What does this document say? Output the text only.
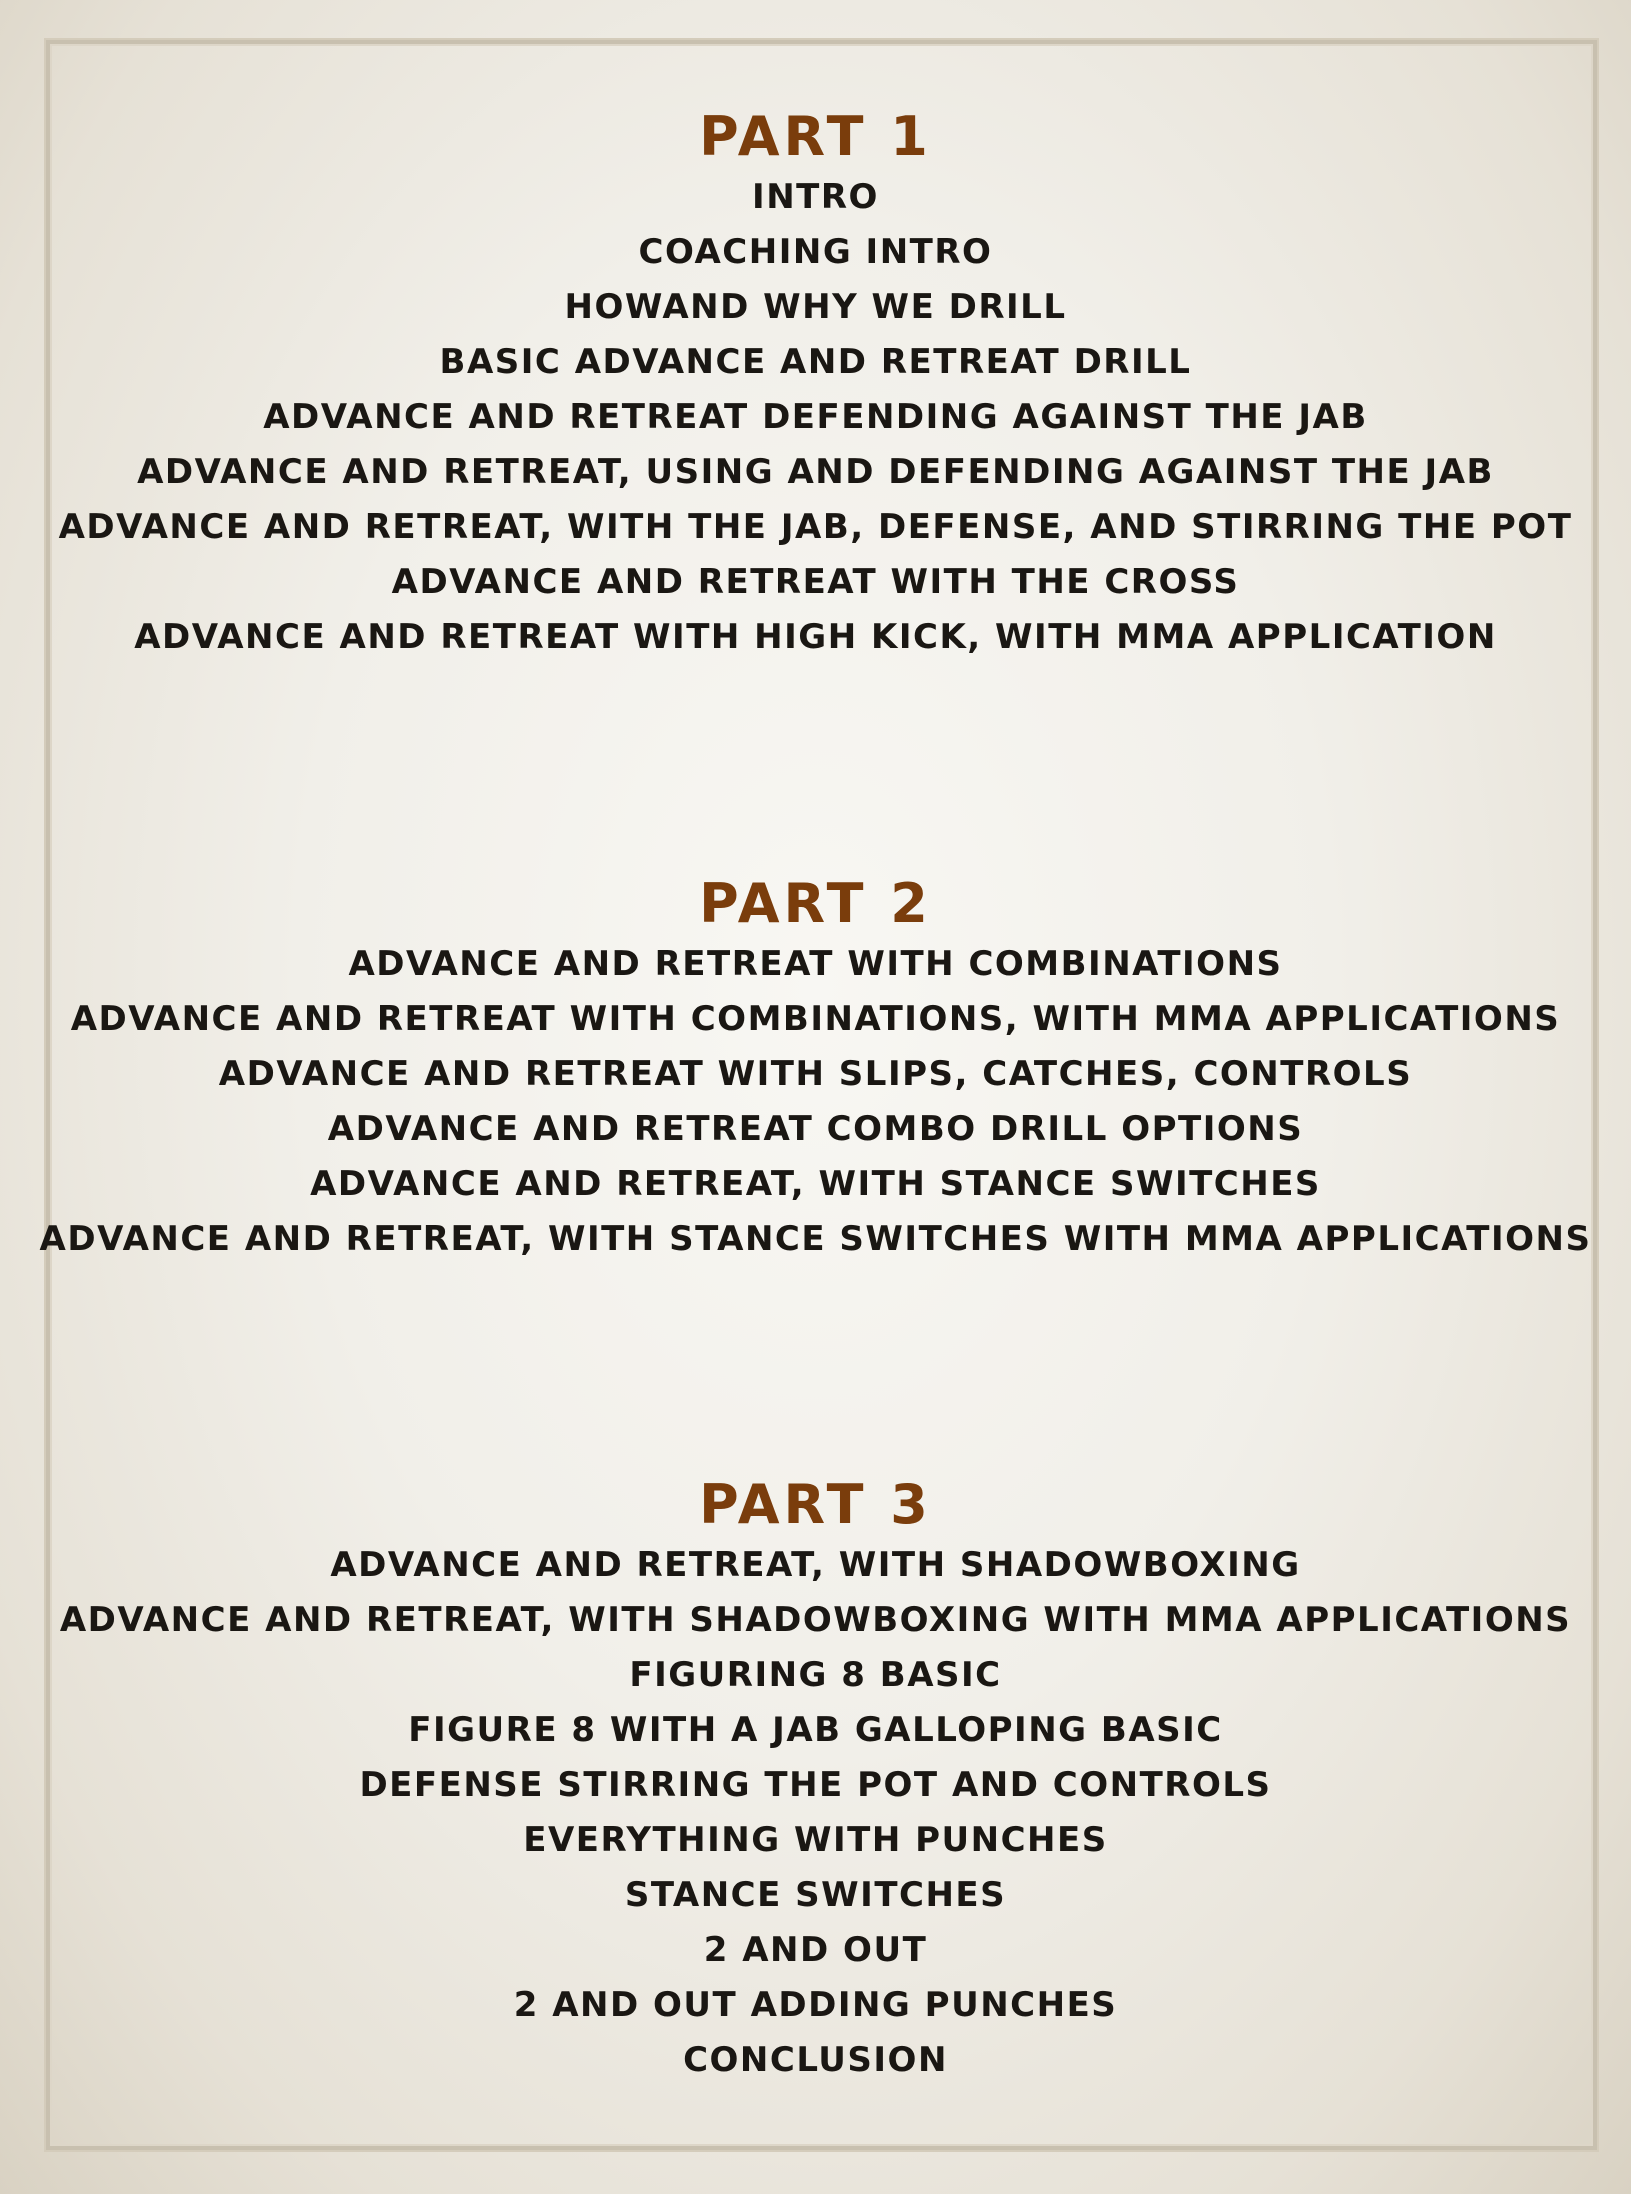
PART 1
INTRO
COACHING INTRO
HOWAND WHY WE DRILL
BASIC ADVANCE AND RETREAT DRILL
ADVANCE AND RETREAT DEFENDING AGAINST THE JAB
ADVANCE AND RETREAT, USING AND DEFENDING AGAINST THE JAB
ADVANCE AND RETREAT, WITH THE JAB, DEFENSE, AND STIRRING THE POT
ADVANCE AND RETREAT WITH THE CROSS
ADVANCE AND RETREAT WITH HIGH KICK, WITH MMA APPLICATION
PART 2
ADVANCE AND RETREAT WITH COMBINATIONS
ADVANCE AND RETREAT WITH COMBINATIONS, WITH MMA APPLICATIONS
ADVANCE AND RETREAT WITH SLIPS, CATCHES, CONTROLS
ADVANCE AND RETREAT COMBO DRILL OPTIONS
ADVANCE AND RETREAT, WITH STANCE SWITCHES
ADVANCE AND RETREAT, WITH STANCE SWITCHES WITH MMA APPLICATIONS
PART 3
ADVANCE AND RETREAT, WITH SHADOWBOXING
ADVANCE AND RETREAT, WITH SHADOWBOXING WITH MMA APPLICATIONS
FIGURING 8 BASIC
FIGURE 8 WITH A JAB GALLOPING BASIC
DEFENSE STIRRING THE POT AND CONTROLS
EVERYTHING WITH PUNCHES
STANCE SWITCHES
2 AND OUT
2 AND OUT ADDING PUNCHES
CONCLUSION
